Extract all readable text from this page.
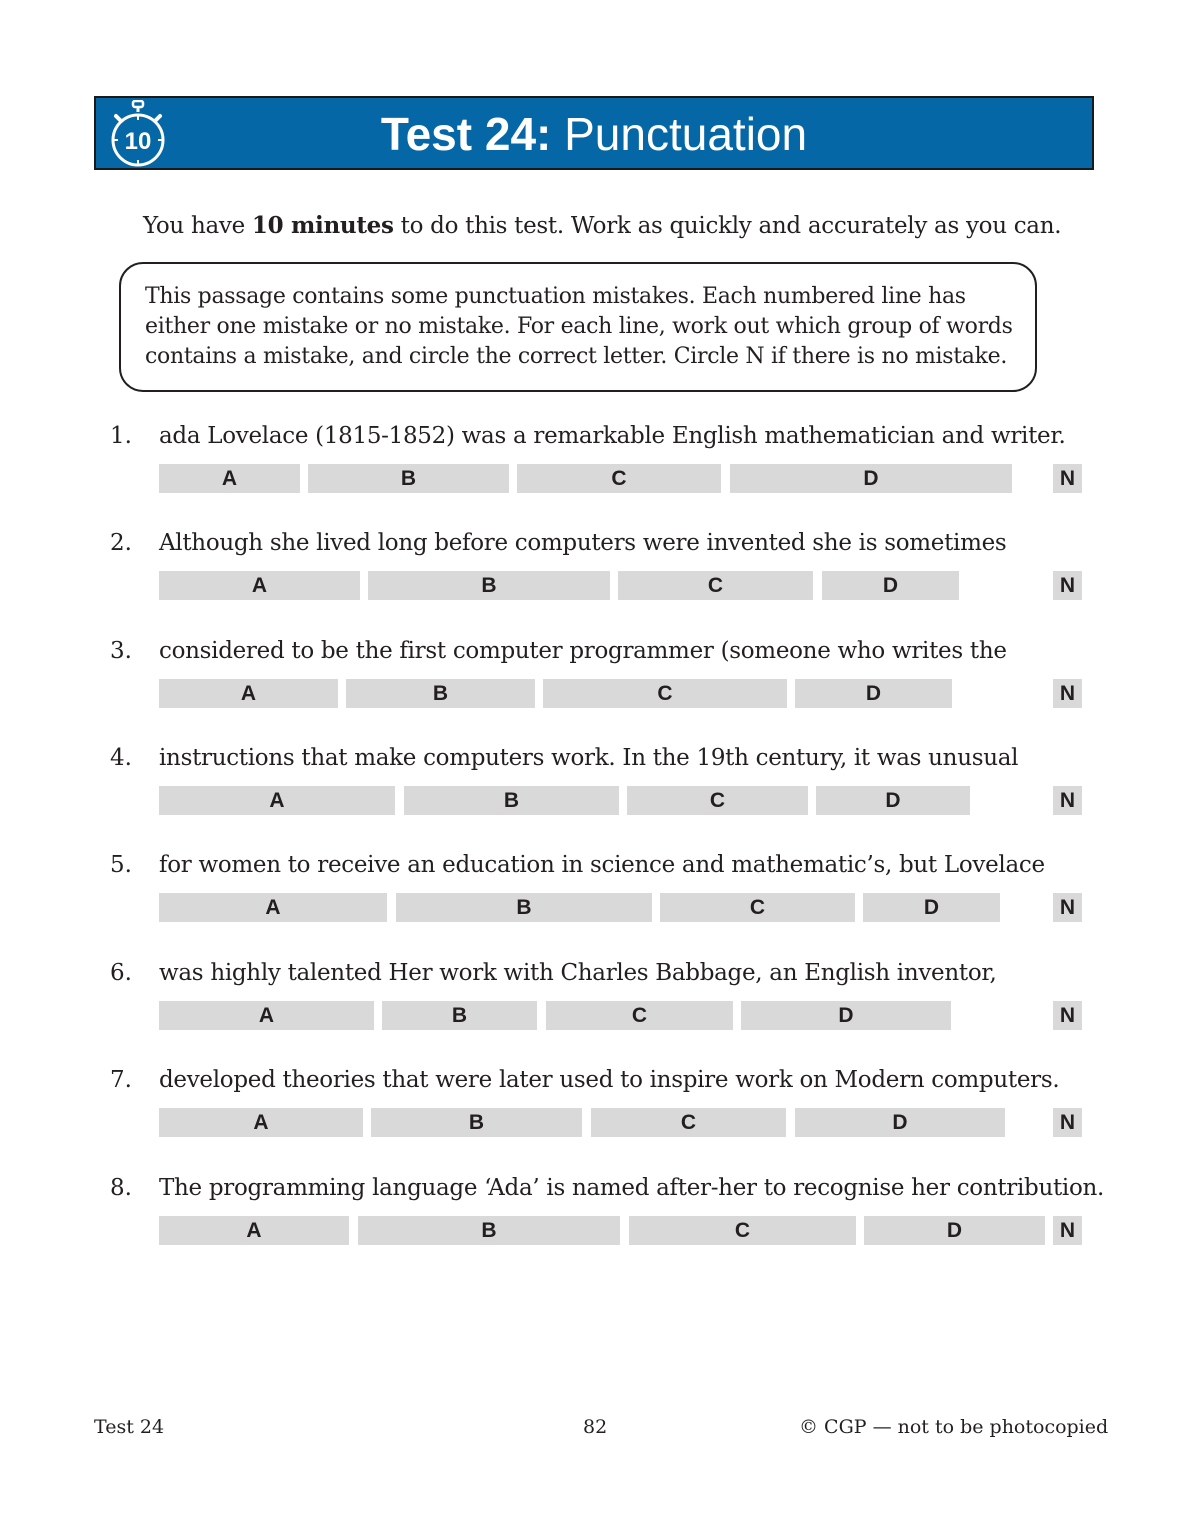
10	Test 24: Punctuation
You have 10 minutes to do this test. Work as quickly and accurately as you can.
This passage contains some punctuation mistakes. Each numbered line has
either one mistake or no mistake. For each line, work out which group of words
contains a mistake, and circle the correct letter. Circle N if there is no mistake.
1. ada Lovelace (1815-1852) was a remarkable English mathematician and writer.
A	B	C	D	N
2. Although she lived long before computers were invented she is sometimes
A	B	C	D	N
3. considered to be the first computer programmer (someone who writes the
A	B	C	D	N
4. instructions that make computers work. In the 19th century, it was unusual
A	B	C	D	N
5. for women to receive an education in science and mathematic’s, but Lovelace
A	B	C	D	N
6. was highly talented Her work with Charles Babbage, an English inventor,
A	B	C	D	N
7. developed theories that were later used to inspire work on Modern computers.
A	B	C	D	N
8. The programming language ‘Ada’ is named after-her to recognise her contribution.
A	B	C	D	N
Test 24	82	© CGP — not to be photocopied
